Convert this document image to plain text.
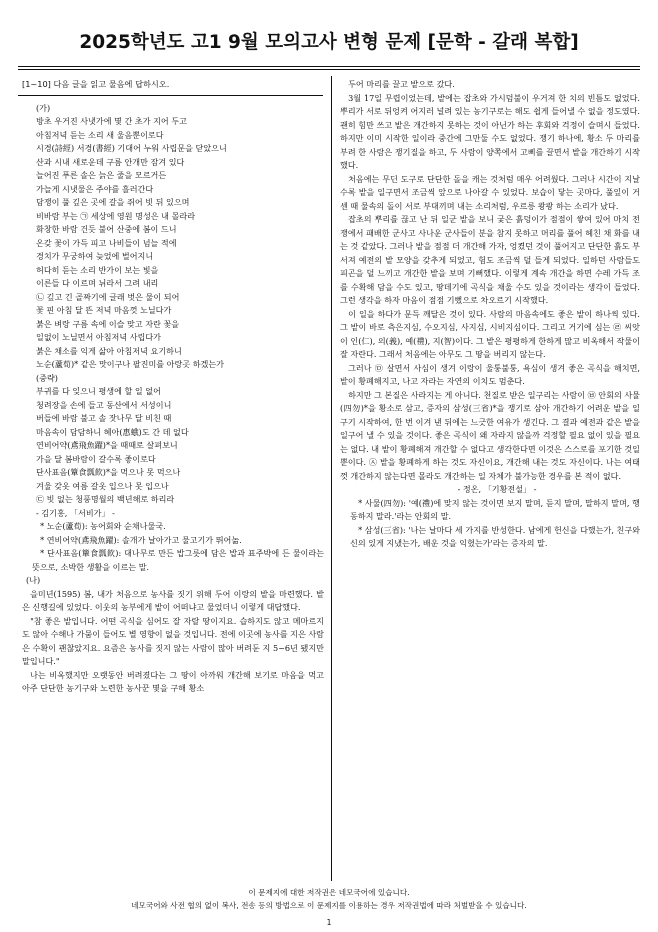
2025학년도 고1 9월 모의고사 변형 문제 [문학 - 갈래 복합]
[1~10] 다음 글을 읽고 물음에 답하시오.
(가)
방초 우거진 사냇가에 몇 간 초가 지어 두고
아침저녁 듣는 소리 새 울음뿐이로다
시경(詩經) 서경(書經) 기대어 누워 사립문을 닫았으니
산과 시내 새로운데 구름 안개만 잠겨 있다
늘어진 푸른 솔은 늙은 줄을 모르거든
가늘게 시냇물은 주야를 흘러간다
담쟁이 풀 깊은 곳에 갈을 쥐어 빗 뒤 있으며
비바람 부는 ㉠ 세상에 영원 명성은 내 몰라라
화창한 바람 건듯 불어 산중에 봄이 드니
온갖 꽃이 가득 피고 나비들이 넘늘 적에
경치가 무궁하여 늦었에 벌어지니
허다히 듣는 소리 반가이 보는 빛을
이른들 다 이르며 뉘라서 그려 내리
㉡ 깊고 긴 골짜기에 글래 벗은 물이 되어
꽃 핀 아침 달 뜬 저녁 마음껏 노닐다가
붉은 벼랑 구름 속에 이슬 맞고 자란 꽃을
일없이 노닐면서 아침저녁 사립다가
붉은 채소를 익게 삶아 아침저녁 요기하니
노순(蘆荀)* 같은 맛이구나 팔진미를 아랑곳 하겠는가
(중략)
부귀를 다 잊으니 평생에 할 일 없어
청려장을 손에 들고 동산에서 서성이니
버들에 바람 불고 솔 잣나무 달 비친 때
마음속이 담담하니 혜아(惠蛾)도 간 데 없다
연비어약(鳶飛魚躍)*을 때때로 살펴보니
가을 달 봄바람이 갈수록 좋이로다
단사표음(簞食瓢飮)*을 먹으나 못 먹으나
겨울 갖옷 여름 갈옷 입으나 못 입으나
㉢ 빗 없는 청풍명월의 백년해로 하리라
- 김기홍, 「서비가」 -

* 노순(蘆荀): 농어회와 순채나물국.

* 연비어약(鳶飛魚躍): 솔개가 날아가고 물고기가 뛰어놂.

* 단사표음(簞食瓢飮): 대나무로 만든 밥그릇에 담은 밥과 표주박에 든 물이라는 뜻으로, 소박한 생활을 이르는 말.

(나)

을미년(1595) 봄, 내가 처음으로 농사를 짓기 위해 두어 이랑의 밭을 마련했다. 밭은 신행길에 있었다. 이웃의 농부에게 밭이 어떠냐고 물었더니 이렇게 대답했다.

"참 좋은 밭입니다. 어떤 곡식을 심어도 잘 자랄 땅이지요. 습하지도 않고 메마르지도 않아 수해나 가뭄이 들어도 별 영향이 없을 것입니다. 전에 이곳에 농사를 지은 사람은 수확이 괜찮았지요. 요즘은 농사를 짓지 않는 사람이 많아 버려둔 지 5~6년 됐지만 말입니다."

나는 비옥했지만 오랫동안 버려졌다는 그 땅이 아까워 개간해 보기로 마음을 먹고 아주 단단한 농기구와 노련한 농사꾼 몇을 구해 황소

두어 마리를 끌고 밭으로 갔다.

3월 17일 무렵이었는데, 밭에는 잡초와 가시덤불이 우거져 한 치의 빈틈도 없었다. 뿌리가 서로 뒤엉켜 어지러 널려 있는 농기구로는 해도 쉽게 들어낼 수 없을 정도였다. 괜히 힘만 쓰고 밭은 개간하지 못하는 것이 아닌가 하는 후회와 걱정이 슬며시 들었다. 하지만 이미 시작한 일이라 중간에 그만둘 수도 없었다. 쟁기 하나에, 황소 두 마리를 부려 한 사람은 쟁기질을 하고, 두 사람이 양쪽에서 고삐를 끌면서 밭을 개간하기 시작했다.

처음에는 무딘 도구로 단단한 돌을 캐는 것처럼 매우 어려웠다. 그러나 시간이 지날수록 밭을 일구면서 조금씩 앞으로 나아갈 수 있었다. 보습이 닿는 곳마다, 풀잎이 거센 때 물속의 돌이 서로 부대끼며 내는 소리처럼, 우르릉 쾅쾅 하는 소리가 났다.

잡초의 뿌리를 끊고 난 뒤 일군 밭을 보니 궂은 흙덩이가 점점이 쌓여 있어 마치 전쟁에서 패배한 군사고 사나운 군사들이 분을 참지 못하고 머리를 풀어 헤친 채 화를 내는 것 같았다. 그러나 밭을 점점 더 개간해 가자, 엉켰던 것이 풀어지고 단단한 흙도 부서져 예전의 밭 모양을 갖추게 되었고, 험도 조금씩 덜 들게 되었다. 일하던 사람들도 피곤을 덜 느끼고 개간한 밭을 보며 기뻐했다. 이렇게 계속 개간을 하면 수레 가득 조를 수확해 담을 수도 있고, 땅데기에 곡식을 채울 수도 있을 것이라는 생각이 들었다. 그런 생각을 하자 마음이 점점 기뻤으로 차오르기 시작했다.

이 일을 하다가 문득 깨달은 것이 있다. 사람의 마음속에도 좋은 밭이 하나씩 있다. 그 밭이 바로 측은지심, 수오지심, 사지심, 시비지심이다. 그리고 거기에 심는 ㉣ 씨앗이 인(仁), 의(義), 예(禮), 지(智)이다. 그 밭은 평평하게 한하게 많고 비옥해서 작물이 잘 자란다. 그래서 처음에는 아무도 그 땅을 버리지 않는다.

그러나 ㉤ 살면서 사심이 생겨 이랑이 울퉁불퉁, 욕심이 생겨 좋은 곡식을 해치면, 밭이 황폐해지고, 나고 자라는 자연의 이치도 멈춘다.

하지만 그 본질은 사라지는 게 아니다. 천질로 받은 일구리는 사람이 ㉥ 안회의 사물(四勿)*을 황소로 삼고, 증자의 삼성(三省)*을 쟁기로 삼아 개간하기 어려운 밭을 일구기 시작하여, 한 번 이겨 낸 뒤에는 느긋한 여유가 생긴다. 그 결과 예전과 같은 밭을 일구어 낼 수 있을 것이다. 좋은 곡식이 왜 자라지 않을까 걱정할 필요 없이 있을 필요는 없다. 내 밭이 황폐해져 개간할 수 없다고 생각한다면 이것은 스스로를 포기한 것일 뿐이다. ㉦ 밭을 황폐하게 하는 것도 자신이요, 개간해 내는 것도 자신이다. 나는 여태껏 개간하지 않는다면 몰라도 개간하는 일 자체가 불가능한 경우를 본 적이 없다.

- 정온, 「기황전설」 -

* 사물(四勿): '예(禮)에 맞지 않는 것이면 보지 말며, 듣지 말며, 말하지 말며, 행동하지 말라.'라는 안회의 말.

* 삼성(三省): '나는 날마다 세 가지를 반성한다. 남에게 헌신을 다했는가, 친구와 신의 있게 지냈는가, 배운 것을 익혔는가'라는 증자의 말.

이 문제지에 대한 저작권은 네모국어에 있습니다.
네모국어와 사전 협의 없이 복사, 전송 등의 방법으로 이 문제지를 이용하는 경우 저작권법에 따라 처벌받을 수 있습니다.
1
